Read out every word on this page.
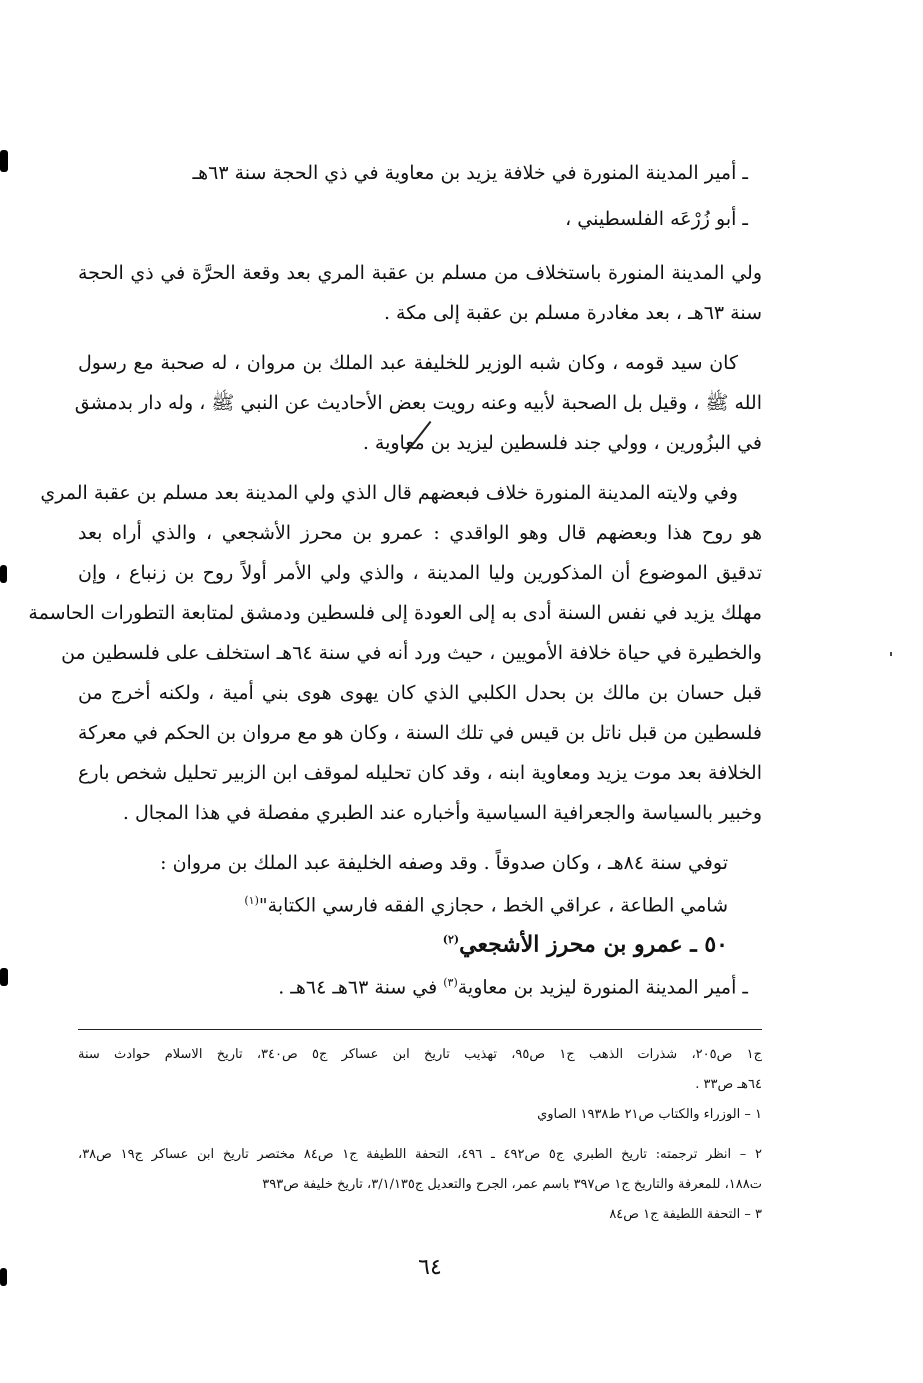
ـ أمير المدينة المنورة في خلافة يزيد بن معاوية في ذي الحجة سنة ٦٣هـ
ـ أبو زُرْعَه الفلسطيني ،
ولي المدينة المنورة باستخلاف من مسلم بن عقبة المري بعد وقعة الحرَّة في ذي الحجة
سنة ٦٣هـ ، بعد مغادرة مسلم بن عقبة إلى مكة .
كان سيد قومه ، وكان شبه الوزير للخليفة عبد الملك بن مروان ، له صحبة مع رسول
الله ﷺ ، وقيل بل الصحبة لأبيه وعنه رويت بعض الأحاديث عن النبي ﷺ ، وله دار بدمشق
في البزُورين ، وولي جند فلسطين ليزيد بن معاوية .
وفي ولايته المدينة المنورة خلاف فبعضهم قال الذي ولي المدينة بعد مسلم بن عقبة المري
هو روح هذا وبعضهم قال وهو الواقدي : عمرو بن محرز الأشجعي ، والذي أراه بعد
تدقيق الموضوع أن المذكورين وليا المدينة ، والذي ولي الأمر أولاً روح بن زنباع ، وإن
مهلك يزيد في نفس السنة أدى به إلى العودة إلى فلسطين ودمشق لمتابعة التطورات الحاسمة
والخطيرة في حياة خلافة الأمويين ، حيث ورد أنه في سنة ٦٤هـ استخلف على فلسطين من
قبل حسان بن مالك بن بحدل الكلبي الذي كان يهوى هوى بني أمية ، ولكنه أخرج من
فلسطين من قبل ناتل بن قيس في تلك السنة ، وكان هو مع مروان بن الحكم في معركة
الخلافة بعد موت يزيد ومعاوية ابنه ، وقد كان تحليله لموقف ابن الزبير تحليل شخص بارع
وخبير بالسياسة والجعرافية السياسية وأخباره عند الطبري مفصلة في هذا المجال .
توفي سنة ٨٤هـ ، وكان صدوقاً . وقد وصفه الخليفة عبد الملك بن مروان :
شامي الطاعة ، عراقي الخط ، حجازي الفقه فارسي الكتابة"$^{(١)}$
٥٠ ـ عمرو بن محرز الأشجعي$^{(٢)}$
ـ أمير المدينة المنورة ليزيد بن معاوية$^{(٣)}$ في سنة ٦٣هـ ٦٤هـ .
ج١ ص٢٠٥، شذرات الذهب ج١ ص٩٥، تهذيب تاريخ ابن عساكر ج٥ ص٣٤٠، تاريخ الاسلام حوادث سنة
٦٤هـ ص٣٣ .
١ – الوزراء والكتاب ص٢١ ط١٩٣٨ الصاوي
٢ – انظر ترجمته: تاريخ الطبري ج٥ ص٤٩٢ ـ ٤٩٦، التحفة اللطيفة ج١ ص٨٤ مختصر تاريخ ابن عساكر ج١٩ ص٣٨،
ت١٨٨، للمعرفة والتاريخ ج١ ص٣٩٧ باسم عمر، الجرح والتعديل ج٣/١/١٣٥، تاريخ خليفة ص٣٩٣
٣ – التحفة اللطيفة ج١ ص٨٤
٦٤
